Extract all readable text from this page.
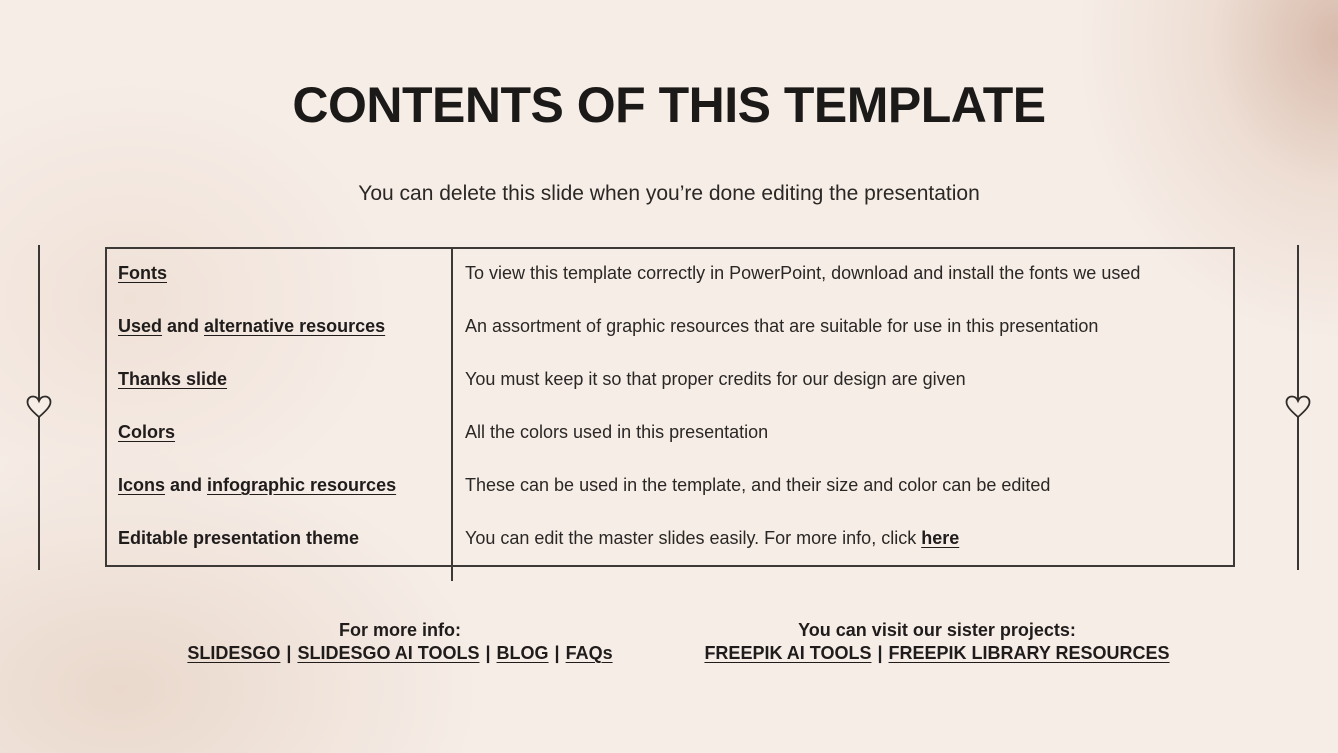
CONTENTS OF THIS TEMPLATE

You can delete this slide when you’re done editing the presentation

Fonts
Used and alternative resources
Thanks slide
Colors
Icons and infographic resources
Editable presentation theme
To view this template correctly in PowerPoint, download and install the fonts we used
An assortment of graphic resources that are suitable for use in this presentation
You must keep it so that proper credits for our design are given
All the colors used in this presentation
These can be used in the template, and their size and color can be edited
You can edit the master slides easily. For more info, click here
For more info:
SLIDESGO | SLIDESGO AI TOOLS | BLOG | FAQs
You can visit our sister projects:
FREEPIK AI TOOLS | FREEPIK LIBRARY RESOURCES
